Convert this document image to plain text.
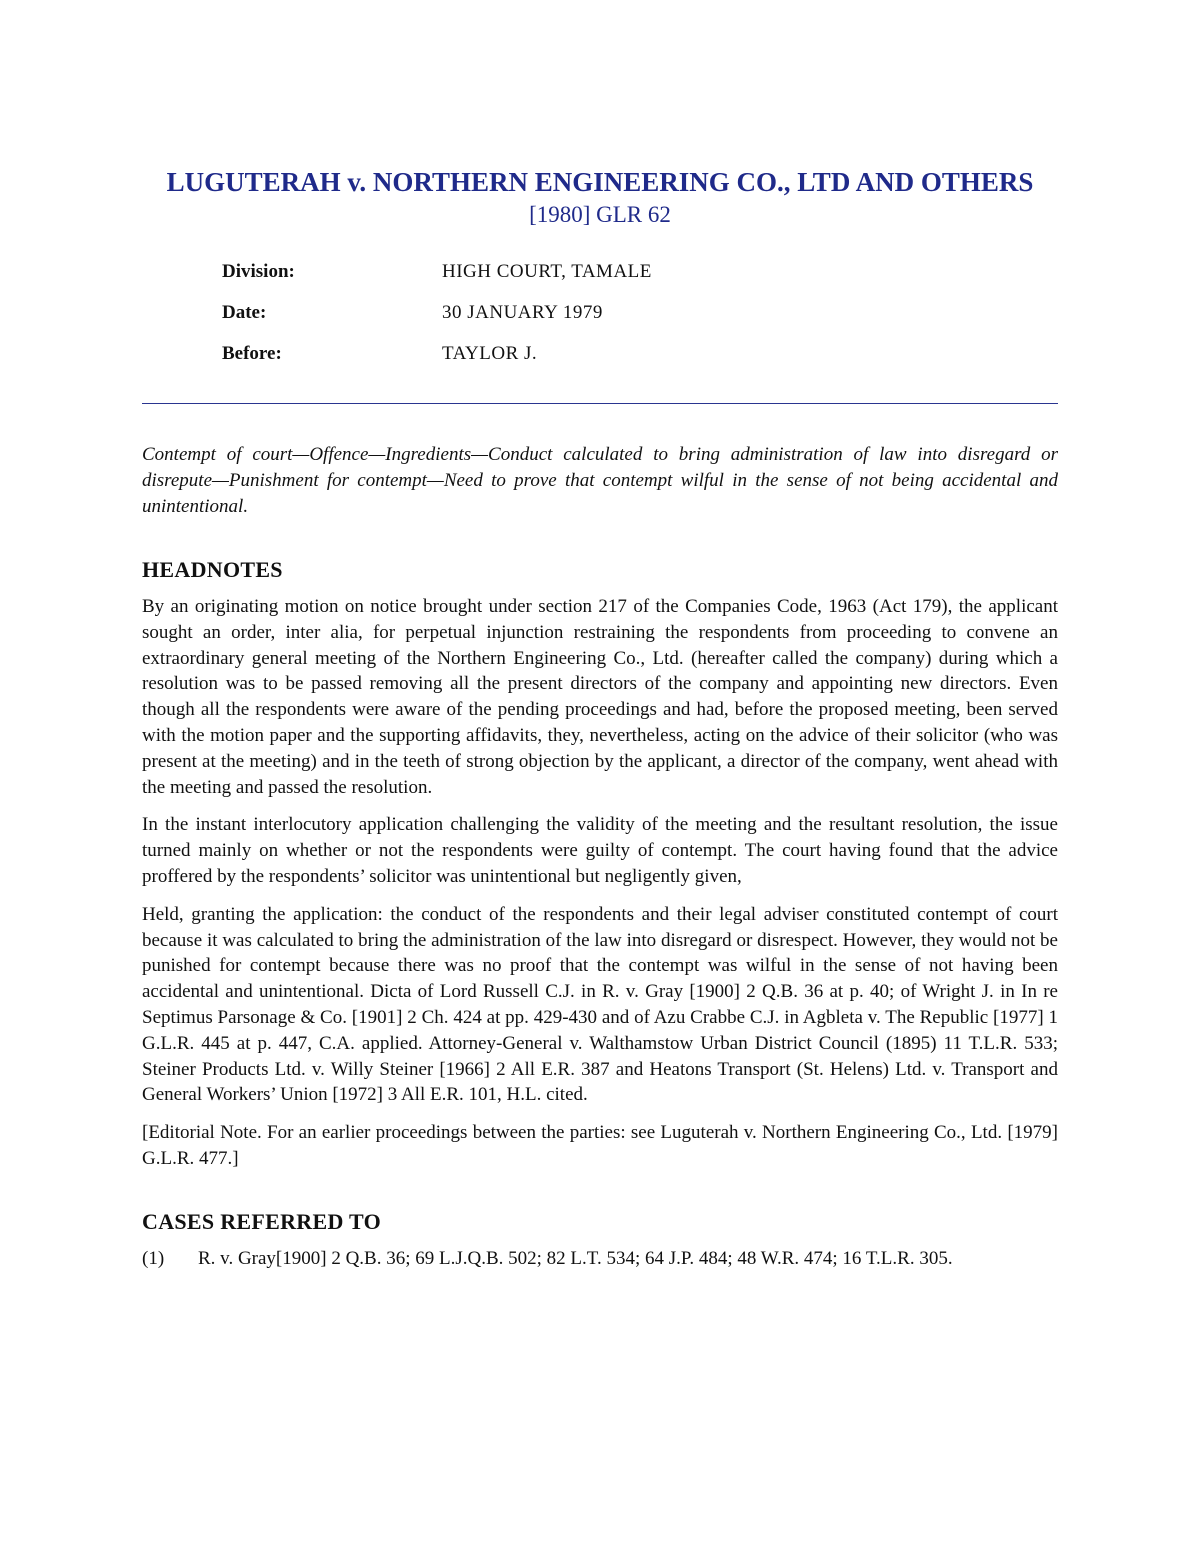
LUGUTERAH v. NORTHERN ENGINEERING CO., LTD AND OTHERS

[1980] GLR 62

Division:	HIGH COURT, TAMALE
Date:	30 JANUARY 1979
Before:	TAYLOR J.

Contempt of court—Offence—Ingredients—Conduct calculated to bring administration of law into disregard or disrepute—Punishment for contempt—Need to prove that contempt wilful in the sense of not being accidental and unintentional.

HEADNOTES

By an originating motion on notice brought under section 217 of the Companies Code, 1963 (Act 179), the applicant sought an order, inter alia, for perpetual injunction restraining the respondents from proceeding to convene an extraordinary general meeting of the Northern Engineering Co., Ltd. (hereafter called the company) during which a resolution was to be passed removing all the present directors of the company and appointing new directors. Even though all the respondents were aware of the pending proceedings and had, before the proposed meeting, been served with the motion paper and the supporting affidavits, they, nevertheless, acting on the advice of their solicitor (who was present at the meeting) and in the teeth of strong objection by the applicant, a director of the company, went ahead with the meeting and passed the resolution.

In the instant interlocutory application challenging the validity of the meeting and the resultant resolution, the issue turned mainly on whether or not the respondents were guilty of contempt. The court having found that the advice proffered by the respondents’ solicitor was unintentional but negligently given,

Held, granting the application: the conduct of the respondents and their legal adviser constituted contempt of court because it was calculated to bring the administration of the law into disregard or disrespect. However, they would not be punished for contempt because there was no proof that the contempt was wilful in the sense of not having been accidental and unintentional. Dicta of Lord Russell C.J. in R. v. Gray [1900] 2 Q.B. 36 at p. 40; of Wright J. in In re Septimus Parsonage & Co. [1901] 2 Ch. 424 at pp. 429-430 and of Azu Crabbe C.J. in Agbleta v. The Republic [1977] 1 G.L.R. 445 at p. 447, C.A. applied. Attorney-General v. Walthamstow Urban District Council (1895) 11 T.L.R. 533; Steiner Products Ltd. v. Willy Steiner [1966] 2 All E.R. 387 and Heatons Transport (St. Helens) Ltd. v. Transport and General Workers’ Union [1972] 3 All E.R. 101, H.L. cited.

[Editorial Note. For an earlier proceedings between the parties: see Luguterah v. Northern Engineering Co., Ltd. [1979] G.L.R. 477.]

CASES REFERRED TO
(1)	R. v. Gray[1900] 2 Q.B. 36; 69 L.J.Q.B. 502; 82 L.T. 534; 64 J.P. 484; 48 W.R. 474; 16 T.L.R. 305.
